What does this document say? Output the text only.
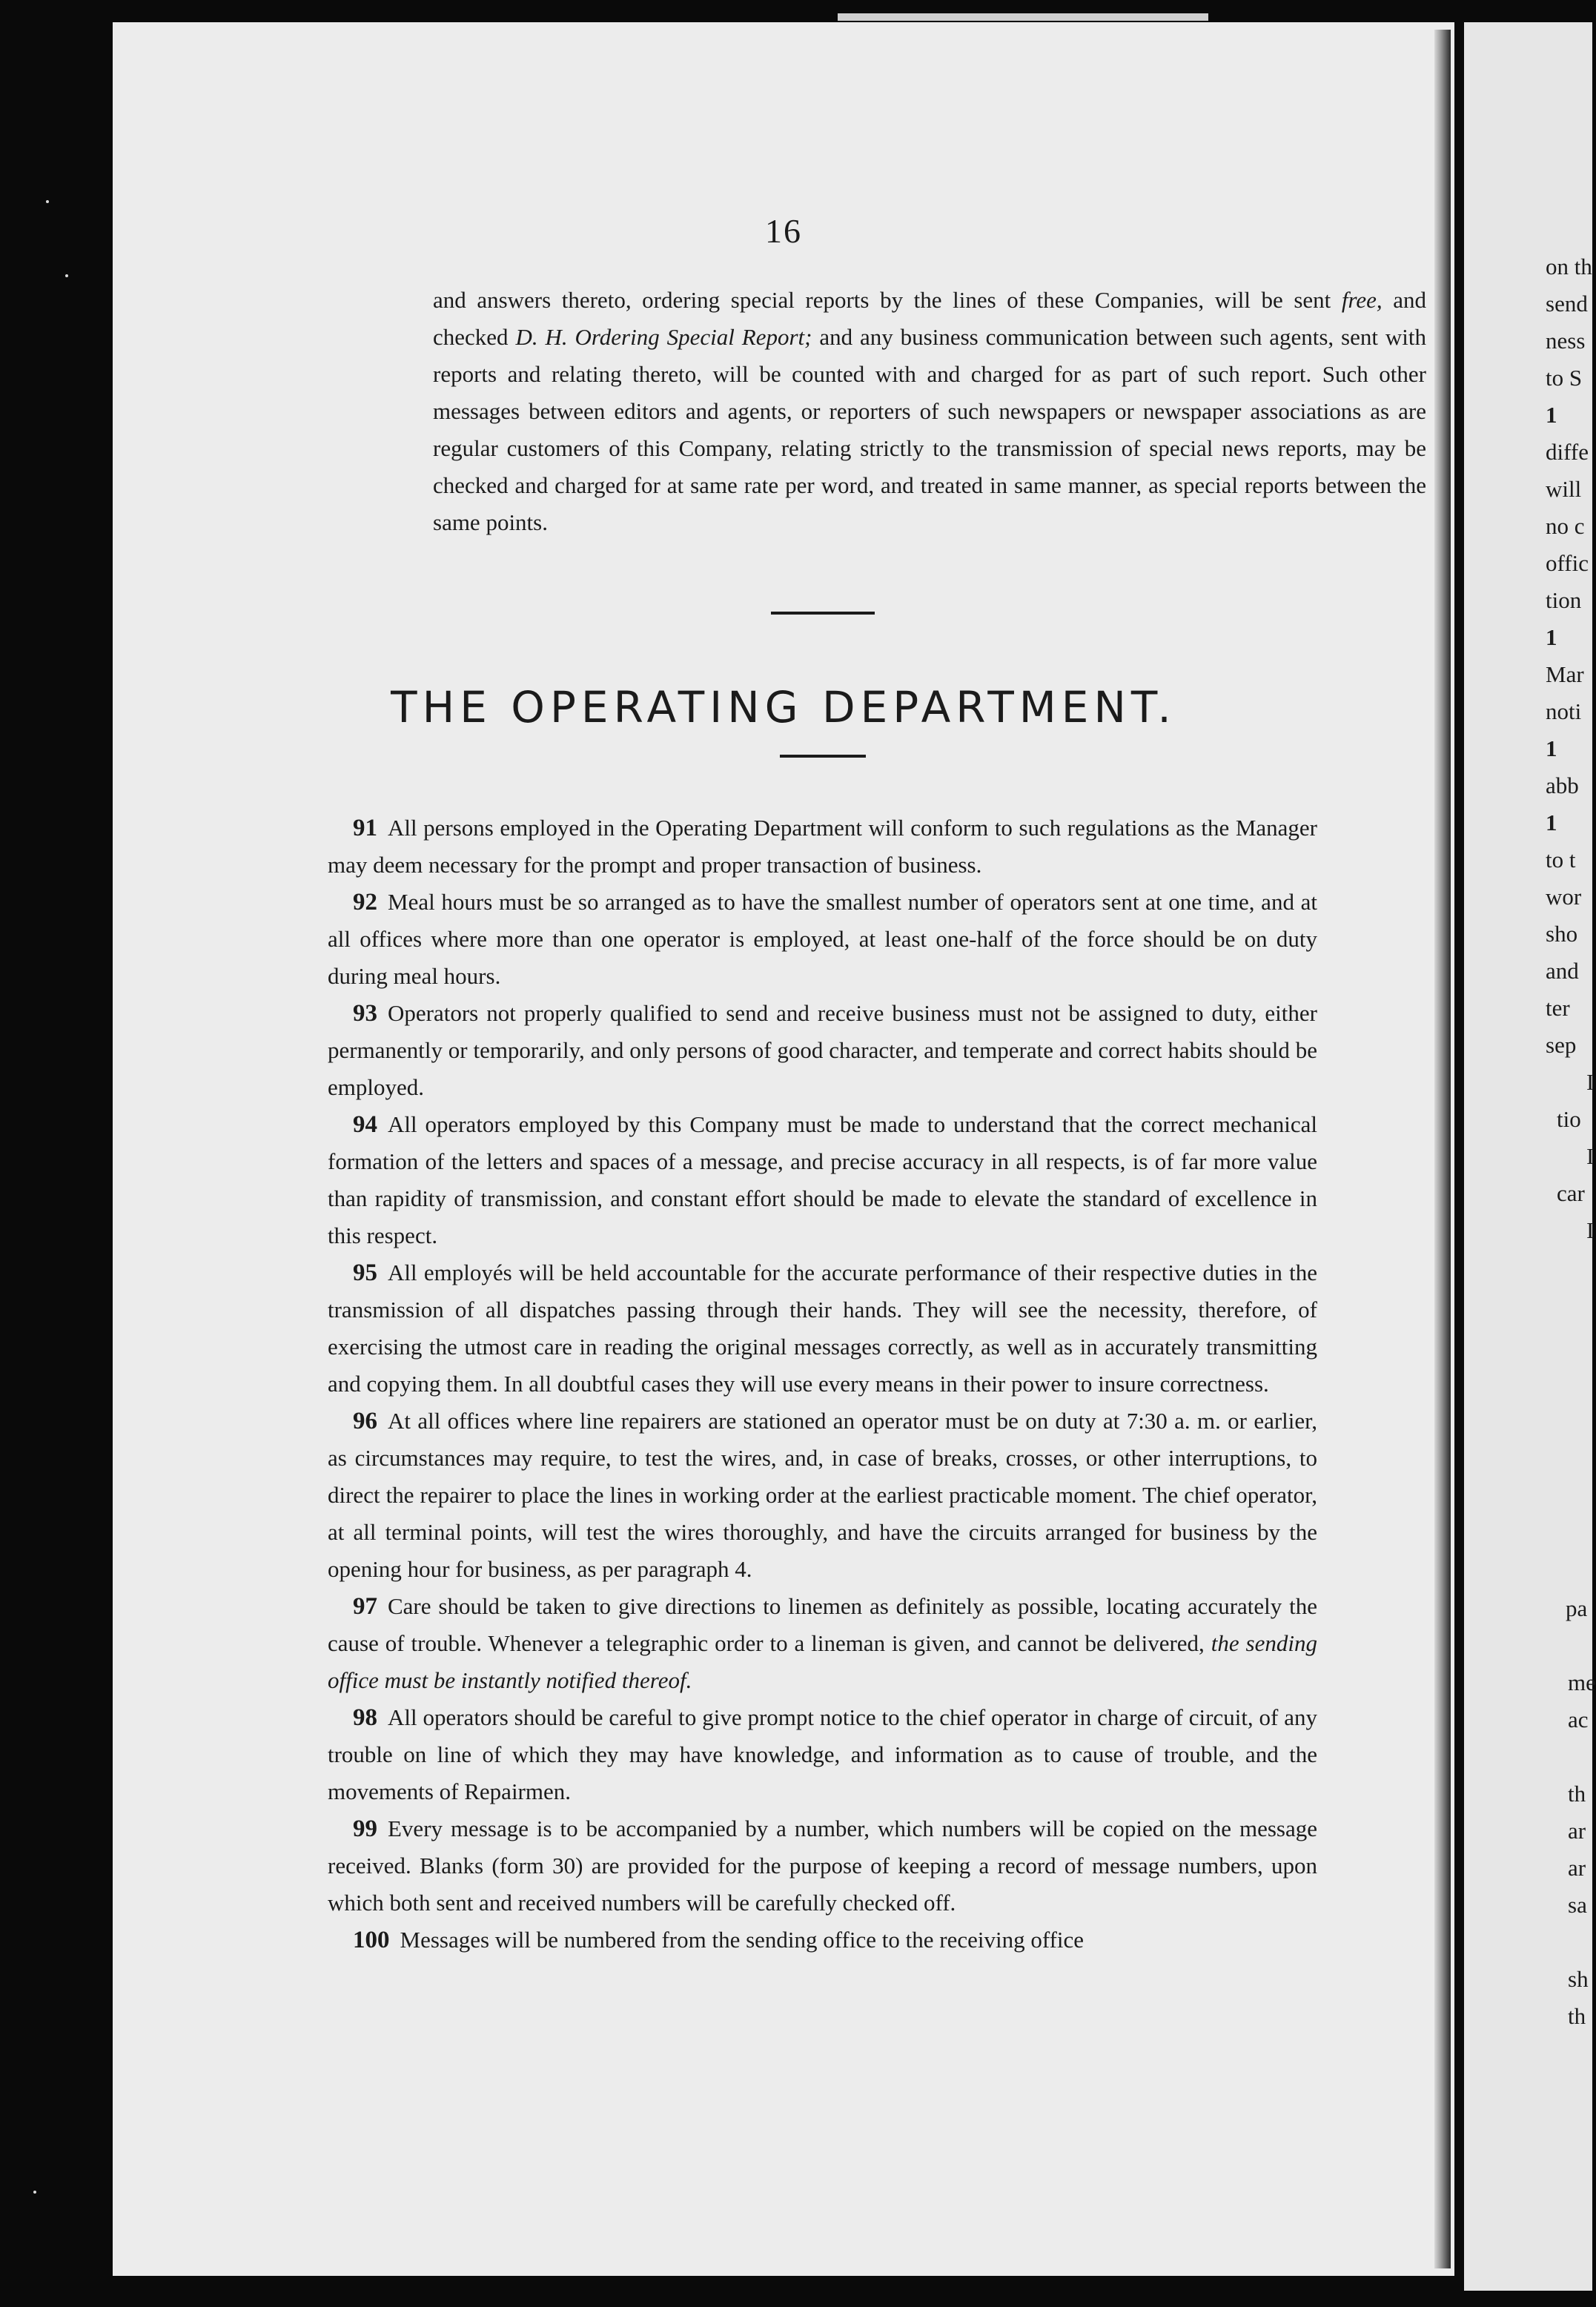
16
and answers thereto, ordering special reports by the lines of these Companies, will be sent free, and checked D. H. Ordering Special Report; and any business communication between such agents, sent with reports and relating thereto, will be counted with and charged for as part of such report. Such other messages between editors and agents, or reporters of such newspapers or newspaper associations as are regular customers of this Company, relating strictly to the transmission of special news reports, may be checked and charged for at same rate per word, and treated in same manner, as special reports between the same points.
THE OPERATING DEPARTMENT.

91 All persons employed in the Operating Department will conform to such regulations as the Manager may deem necessary for the prompt and proper transaction of business.

92 Meal hours must be so arranged as to have the smallest number of operators sent at one time, and at all offices where more than one operator is employed, at least one-half of the force should be on duty during meal hours.

93 Operators not properly qualified to send and receive business must not be assigned to duty, either permanently or temporarily, and only persons of good character, and temperate and correct habits should be employed.

94 All operators employed by this Company must be made to understand that the correct mechanical formation of the letters and spaces of a message, and precise accuracy in all respects, is of far more value than rapidity of transmission, and constant effort should be made to elevate the standard of excellence in this respect.

95 All employés will be held accountable for the accurate performance of their respective duties in the transmission of all dispatches passing through their hands. They will see the necessity, therefore, of exercising the utmost care in reading the original messages correctly, as well as in accurately transmitting and copying them. In all doubtful cases they will use every means in their power to insure correctness.

96 At all offices where line repairers are stationed an operator must be on duty at 7:30 a. m. or earlier, as circumstances may require, to test the wires, and, in case of breaks, crosses, or other interruptions, to direct the repairer to place the lines in working order at the earliest practicable moment. The chief operator, at all terminal points, will test the wires thoroughly, and have the circuits arranged for business by the opening hour for business, as per paragraph 4.

97 Care should be taken to give directions to linemen as definitely as possible, locating accurately the cause of trouble. Whenever a telegraphic order to a lineman is given, and cannot be delivered, the sending office must be instantly notified thereof.

98 All operators should be careful to give prompt notice to the chief operator in charge of circuit, of any trouble on line of which they may have knowledge, and information as to cause of trouble, and the movements of Repairmen.

99 Every message is to be accompanied by a number, which numbers will be copied on the message received. Blanks (form 30) are provided for the purpose of keeping a record of message numbers, upon which both sent and received numbers will be carefully checked off.

100 Messages will be numbered from the sending office to the receiving office

on th
send
ness
to S
1
diffe
will
no c
offic
tion
1
Mar
noti
1
abb
1
to t
wor
sho
and
ter
sep
I
tio
I
car
I
pa
me
ac
th
ar
ar
sa
sh
th
